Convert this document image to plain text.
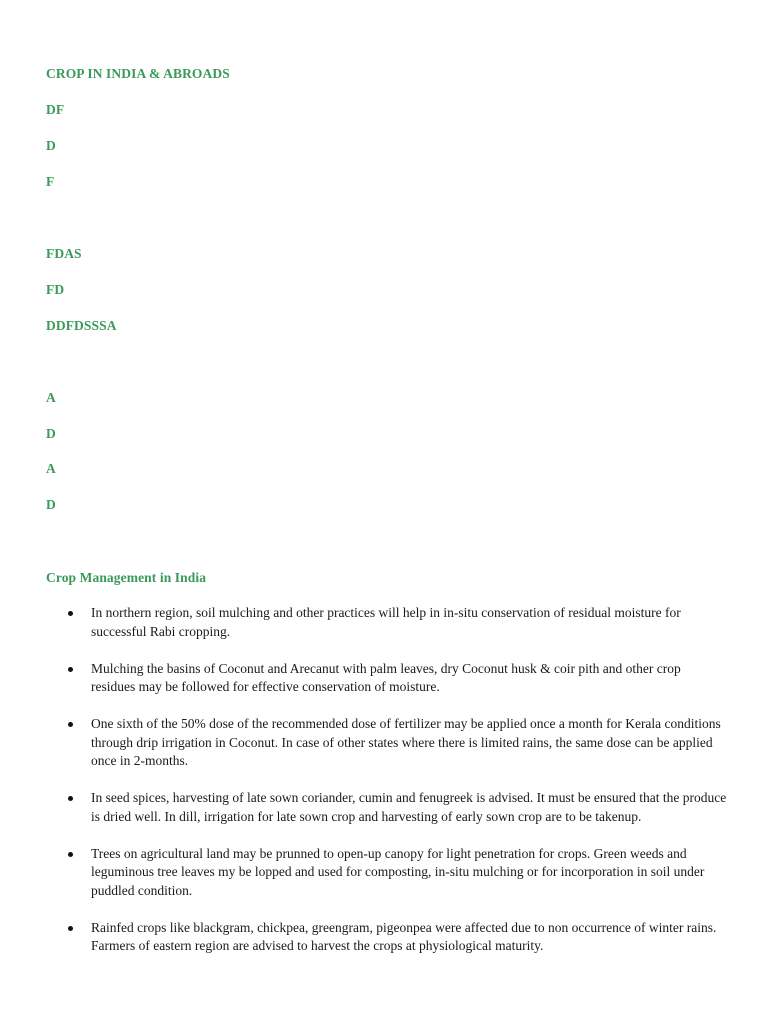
CROP IN INDIA & ABROADS
DF
D
F
FDAS
FD
DDFDSSSA
A
D
A
D
Crop Management in India
In northern region, soil mulching and other practices will help in in-situ conservation of residual moisture for successful Rabi cropping.
Mulching the basins of Coconut and Arecanut with palm leaves, dry Coconut husk & coir pith and other crop residues may be followed for effective conservation of moisture.
One sixth of the 50% dose of the recommended dose of fertilizer may be applied once a month for Kerala conditions through drip irrigation in Coconut. In case of other states where there is limited rains, the same dose can be applied once in 2-months.
In seed spices, harvesting of late sown coriander, cumin and fenugreek is advised. It must be ensured that the produce is dried well. In dill, irrigation for late sown crop and harvesting of early sown crop are to be takenup.
Trees on agricultural land may be prunned to open-up canopy for light penetration for crops. Green weeds and leguminous tree leaves my be lopped and used for composting, in-situ mulching or for incorporation in soil under puddled condition.
Rainfed crops like blackgram, chickpea, greengram, pigeonpea were affected due to non occurrence of winter rains. Farmers of eastern region are advised to harvest the crops at physiological maturity.
